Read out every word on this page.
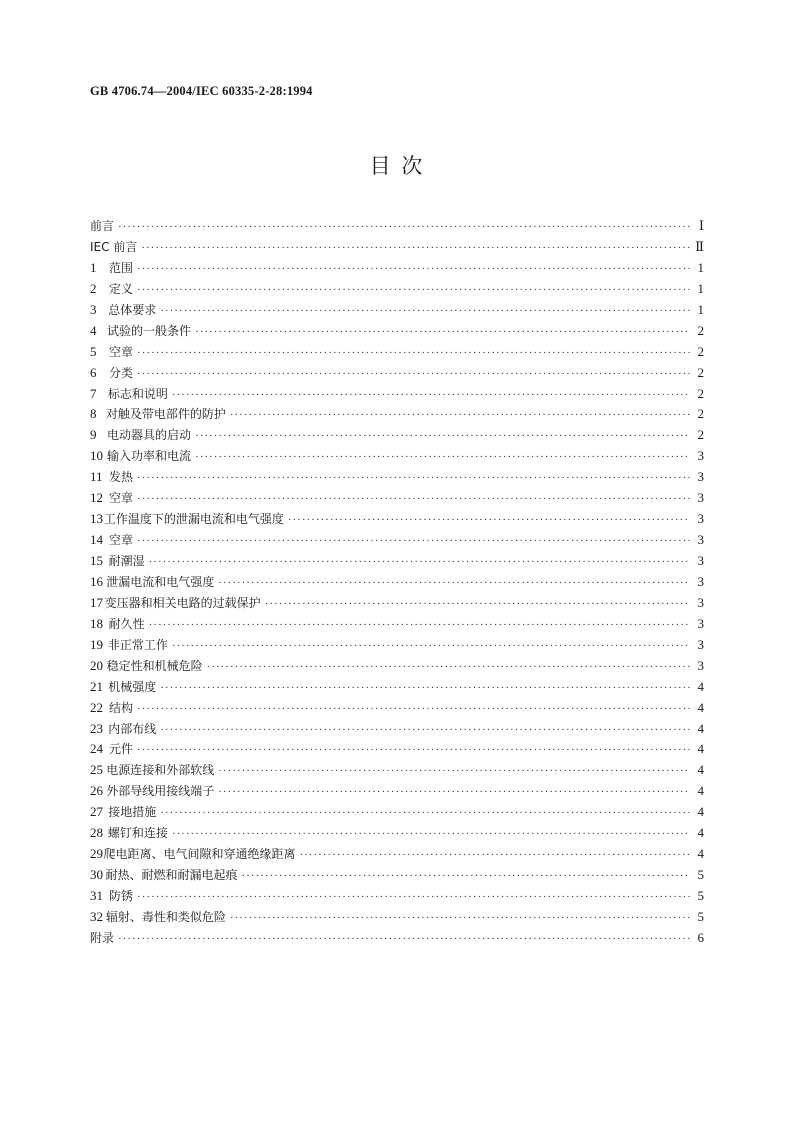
GB 4706.74—2004/IEC 60335-2-28:1994
目 次
前言 ·····	Ⅰ
IEC 前言 ·····	Ⅱ
1	范围 ·····	1
2	定义 ·····	1
3 总体要求 ·····	1
4 试验的一般条件 ·····	2
5	空章 ·····	2
6	分类 ·····	2
7 标志和说明 ·····	2
8 对触及带电部件的防护 ·····	2
9 电动器具的启动 ·····	2
10 输入功率和电流 ·····	3
11 发热 ·····	3
12 空章 ·····	3
13 工作温度下的泄漏电流和电气强度 ·····	3
14 空章 ·····	3
15 耐潮湿 ·····	3
16 泄漏电流和电气强度 ·····	3
17 变压器和相关电路的过载保护 ·····	3
18 耐久性 ·····	3
19 非正常工作 ·····	3
20 稳定性和机械危险 ·····	3
21 机械强度 ·····	4
22 结构 ·····	4
23 内部布线 ·····	4
24 元件 ·····	4
25 电源连接和外部软线 ·····	4
26 外部导线用接线端子 ·····	4
27 接地措施 ·····	4
28 螺钉和连接 ·····	4
29 爬电距离、电气间隙和穿通绝缘距离 ·····	4
30 耐热、耐燃和耐漏电起痕 ·····	5
31 防锈 ·····	5
32 辐射、毒性和类似危险 ·····	5
附录 ·····	6
